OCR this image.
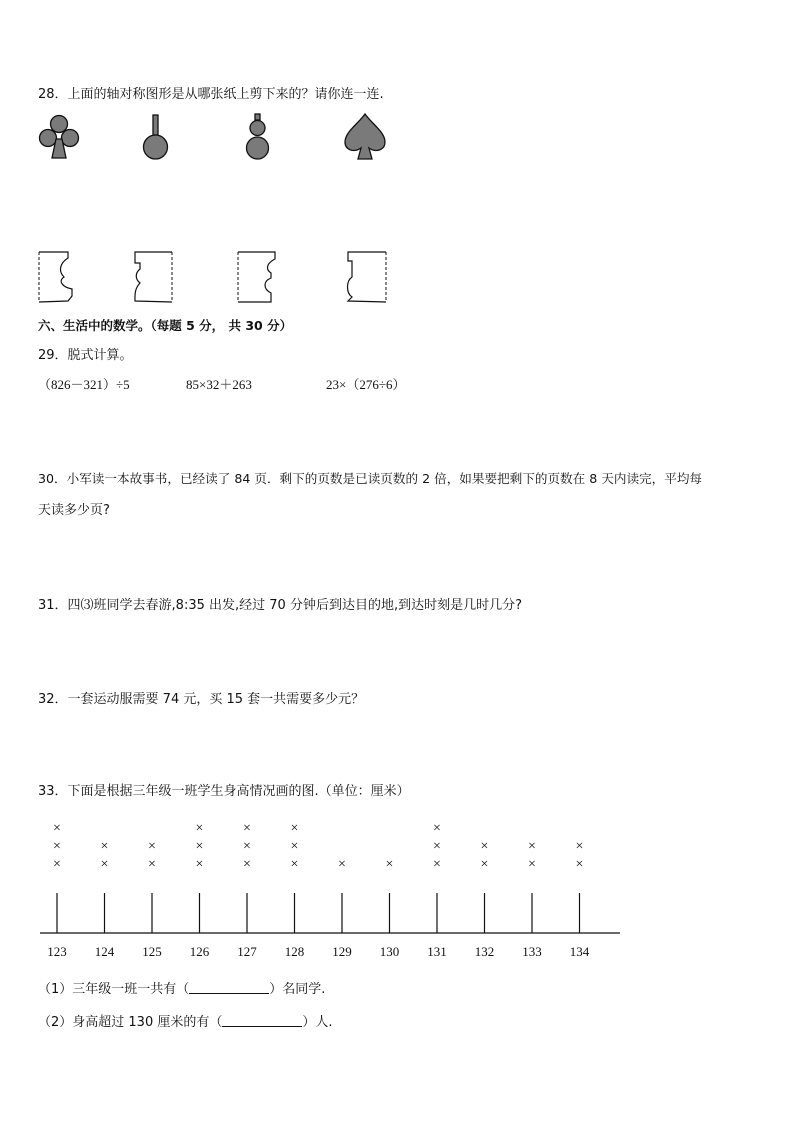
28．上面的轴对称图形是从哪张纸上剪下来的？请你连一连.
六、生活中的数学。（每题 5 分， 共 30 分）
29．脱式计算。
（826－321）÷5	85×32＋263	23×（276÷6）
30．小军读一本故事书，已经读了 84 页．剩下的页数是已读页数的 2 倍，如果要把剩下的页数在 8 天内读完，平均每
天读多少页?
31．四⑶班同学去春游,8:35 出发,经过 70 分钟后到达目的地,到达时刻是几时几分?
32．一套运动服需要 74 元，买 15 套一共需要多少元？
33．下面是根据三年级一班学生身高情况画的图.（单位：厘米）
123
×
×
×
124
×
×
125
×
×
126
×
×
×
127
×
×
×
128
×
×
×
129
×
130
×
131
×
×
×
132
×
×
133
×
×
134
×
×
（1）三年级一班一共有（	）名同学.
（2）身高超过 130 厘米的有（	）人.
